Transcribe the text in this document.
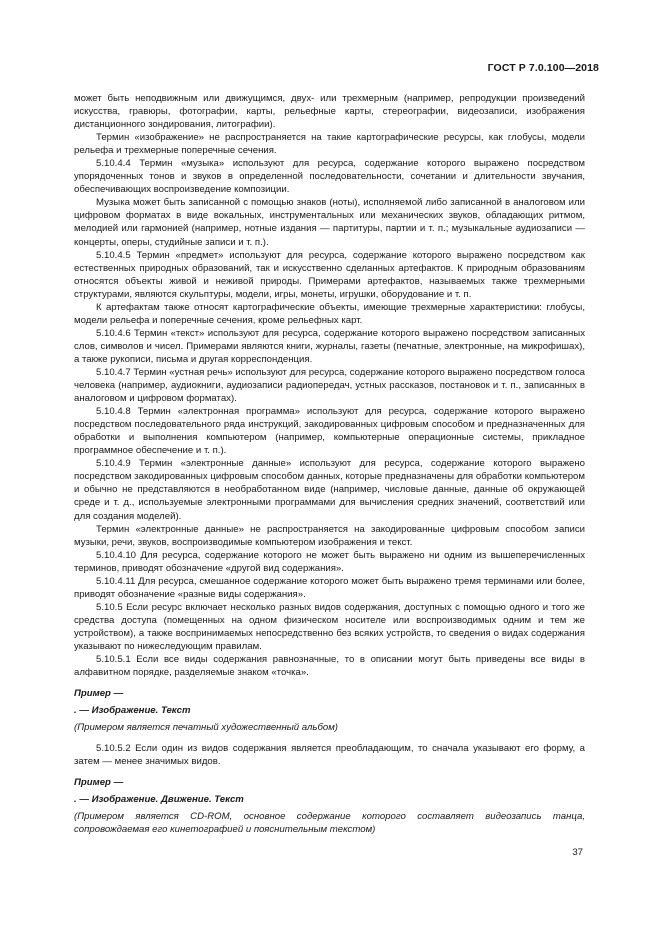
ГОСТ Р 7.0.100—2018

может быть неподвижным или движущимся, двух- или трехмерным (например, репродукции произведений искусства, гравюры, фотографии, карты, рельефные карты, стереографии, видеозаписи, изображения дистанционного зондирования, литографии).

Термин «изображение» не распространяется на такие картографические ресурсы, как глобусы, модели рельефа и трехмерные поперечные сечения.

5.10.4.4 Термин «музыка» используют для ресурса, содержание которого выражено посредством упорядоченных тонов и звуков в определенной последовательности, сочетании и длительности звучания, обеспечивающих воспроизведение композиции.

Музыка может быть записанной с помощью знаков (ноты), исполняемой либо записанной в аналоговом или цифровом форматах в виде вокальных, инструментальных или механических звуков, обладающих ритмом, мелодией или гармонией (например, нотные издания — партитуры, партии и т. п.; музыкальные аудиозаписи — концерты, оперы, студийные записи и т. п.).

5.10.4.5 Термин «предмет» используют для ресурса, содержание которого выражено посредством как естественных природных образований, так и искусственно сделанных артефактов. К природным образованиям относятся объекты живой и неживой природы. Примерами артефактов, называемых также трехмерными структурами, являются скульптуры, модели, игры, монеты, игрушки, оборудование и т. п.

К артефактам также относят картографические объекты, имеющие трехмерные характеристики: глобусы, модели рельефа и поперечные сечения, кроме рельефных карт.

5.10.4.6 Термин «текст» используют для ресурса, содержание которого выражено посредством записанных слов, символов и чисел. Примерами являются книги, журналы, газеты (печатные, электронные, на микрофишах), а также рукописи, письма и другая корреспонденция.

5.10.4.7 Термин «устная речь» используют для ресурса, содержание которого выражено посредством голоса человека (например, аудиокниги, аудиозаписи радиопередач, устных рассказов, постановок и т. п., записанных в аналоговом и цифровом форматах).

5.10.4.8 Термин «электронная программа» используют для ресурса, содержание которого выражено посредством последовательного ряда инструкций, закодированных цифровым способом и предназначенных для обработки и выполнения компьютером (например, компьютерные операционные системы, прикладное программное обеспечение и т. п.).

5.10.4.9 Термин «электронные данные» используют для ресурса, содержание которого выражено посредством закодированных цифровым способом данных, которые предназначены для обработки компьютером и обычно не представляются в необработанном виде (например, числовые данные, данные об окружающей среде и т. д., используемые электронными программами для вычисления средних значений, соответствий или для создания моделей).

Термин «электронные данные» не распространяется на закодированные цифровым способом записи музыки, речи, звуков, воспроизводимые компьютером изображения и текст.

5.10.4.10 Для ресурса, содержание которого не может быть выражено ни одним из вышеперечисленных терминов, приводят обозначение «другой вид содержания».

5.10.4.11 Для ресурса, смешанное содержание которого может быть выражено тремя терминами или более, приводят обозначение «разные виды содержания».

5.10.5 Если ресурс включает несколько разных видов содержания, доступных с помощью одного и того же средства доступа (помещенных на одном физическом носителе или воспроизводимых одним и тем же устройством), а также воспринимаемых непосредственно без всяких устройств, то сведения о видах содержания указывают по нижеследующим правилам.

5.10.5.1 Если все виды содержания равнозначные, то в описании могут быть приведены все виды в алфавитном порядке, разделяемые знаком «точка».

Пример —

. — Изображение. Текст

(Примером является печатный художественный альбом)

5.10.5.2 Если один из видов содержания является преобладающим, то сначала указывают его форму, а затем — менее значимых видов.

Пример —

. — Изображение. Движение. Текст

(Примером является CD-ROM, основное содержание которого составляет видеозапись танца, сопровождаемая его кинетографией и пояснительным текстом)

37
